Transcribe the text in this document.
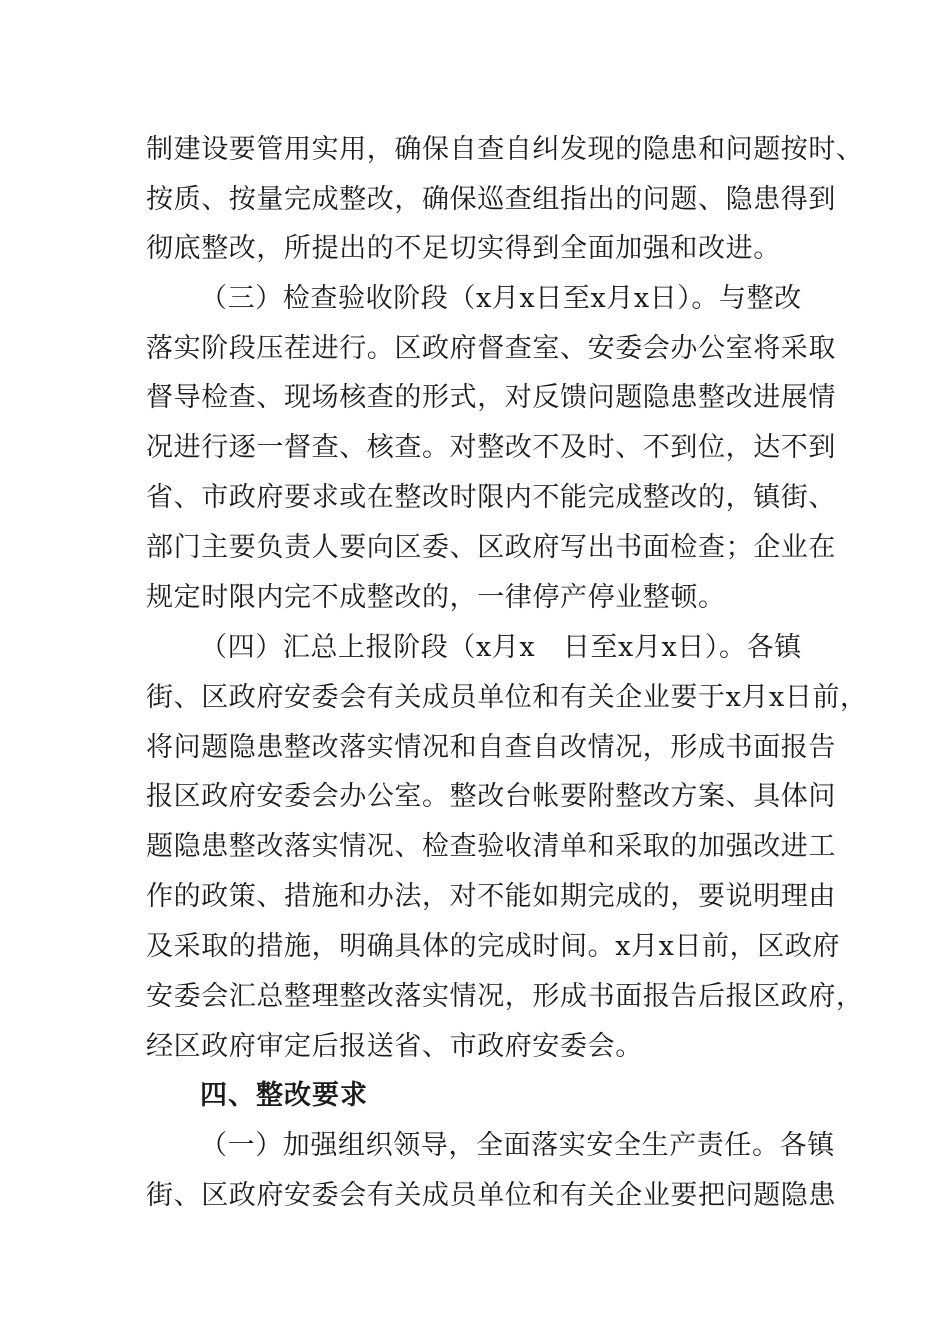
制建设要管用实用，确保自查自纠发现的隐患和问题按时、
按质、按量完成整改，确保巡查组指出的问题、隐患得到
彻底整改，所提出的不足切实得到全面加强和改进。
（三）检查验收阶段（x月x日至x月x日）。与整改
落实阶段压茬进行。区政府督查室、安委会办公室将采取
督导检查、现场核查的形式，对反馈问题隐患整改进展情
况进行逐一督查、核查。对整改不及时、不到位，达不到
省、市政府要求或在整改时限内不能完成整改的，镇街、
部门主要负责人要向区委、区政府写出书面检查；企业在
规定时限内完不成整改的，一律停产停业整顿。
（四）汇总上报阶段（x月x　日至x月x日）。各镇
街、区政府安委会有关成员单位和有关企业要于x月x日前，
将问题隐患整改落实情况和自查自改情况，形成书面报告
报区政府安委会办公室。整改台帐要附整改方案、具体问
题隐患整改落实情况、检查验收清单和采取的加强改进工
作的政策、措施和办法，对不能如期完成的，要说明理由
及采取的措施，明确具体的完成时间。x月x日前，区政府
安委会汇总整理整改落实情况，形成书面报告后报区政府，
经区政府审定后报送省、市政府安委会。
四、整改要求
（一）加强组织领导，全面落实安全生产责任。各镇
街、区政府安委会有关成员单位和有关企业要把问题隐患
